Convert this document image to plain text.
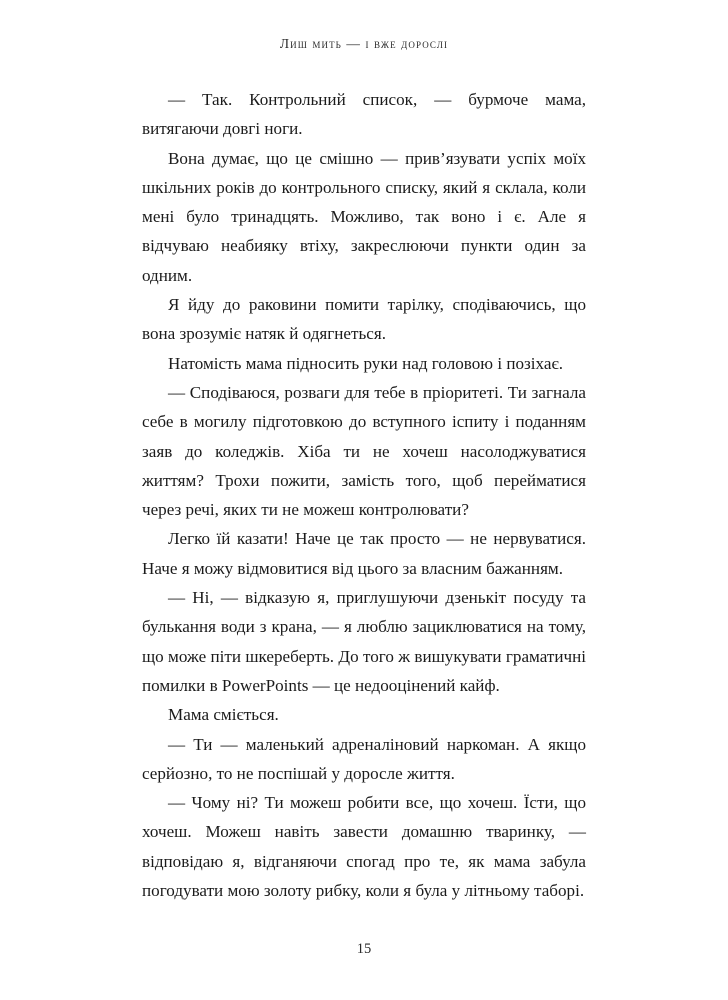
Лиш мить — і вже дорослі

— Так. Контрольний список, — бурмоче мама, витягаючи довгі ноги.

Вона думає, що це смішно — прив’язувати успіх моїх шкільних років до контрольного списку, який я склала, коли мені було тринадцять. Можливо, так воно і є. Але я відчуваю неабияку втіху, закреслюючи пункти один за одним.

Я йду до раковини помити тарілку, сподіваючись, що вона зрозуміє натяк й одягнеться.

Натомість мама підносить руки над головою і позіхає.

— Сподіваюся, розваги для тебе в пріоритеті. Ти загнала себе в могилу підготовкою до вступного іспиту і поданням заяв до коледжів. Хіба ти не хочеш насолоджуватися життям? Трохи пожити, замість того, щоб перейматися через речі, яких ти не можеш контролювати?

Легко їй казати! Наче це так просто — не нервуватися. Наче я можу відмовитися від цього за власним бажанням.

— Ні, — відказую я, приглушуючи дзенькіт посуду та булькання води з крана, — я люблю зациклюватися на тому, що може піти шкереберть. До того ж вишукувати граматичні помилки в PowerPoints — це недооцінений кайф.

Мама сміється.

— Ти — маленький адреналіновий наркоман. А якщо серйозно, то не поспішай у доросле життя.

— Чому ні? Ти можеш робити все, що хочеш. Їсти, що хочеш. Можеш навіть завести домашню тваринку, — відповідаю я, відганяючи спогад про те, як мама забула погодувати мою золоту рибку, коли я була у літньому таборі.

15
